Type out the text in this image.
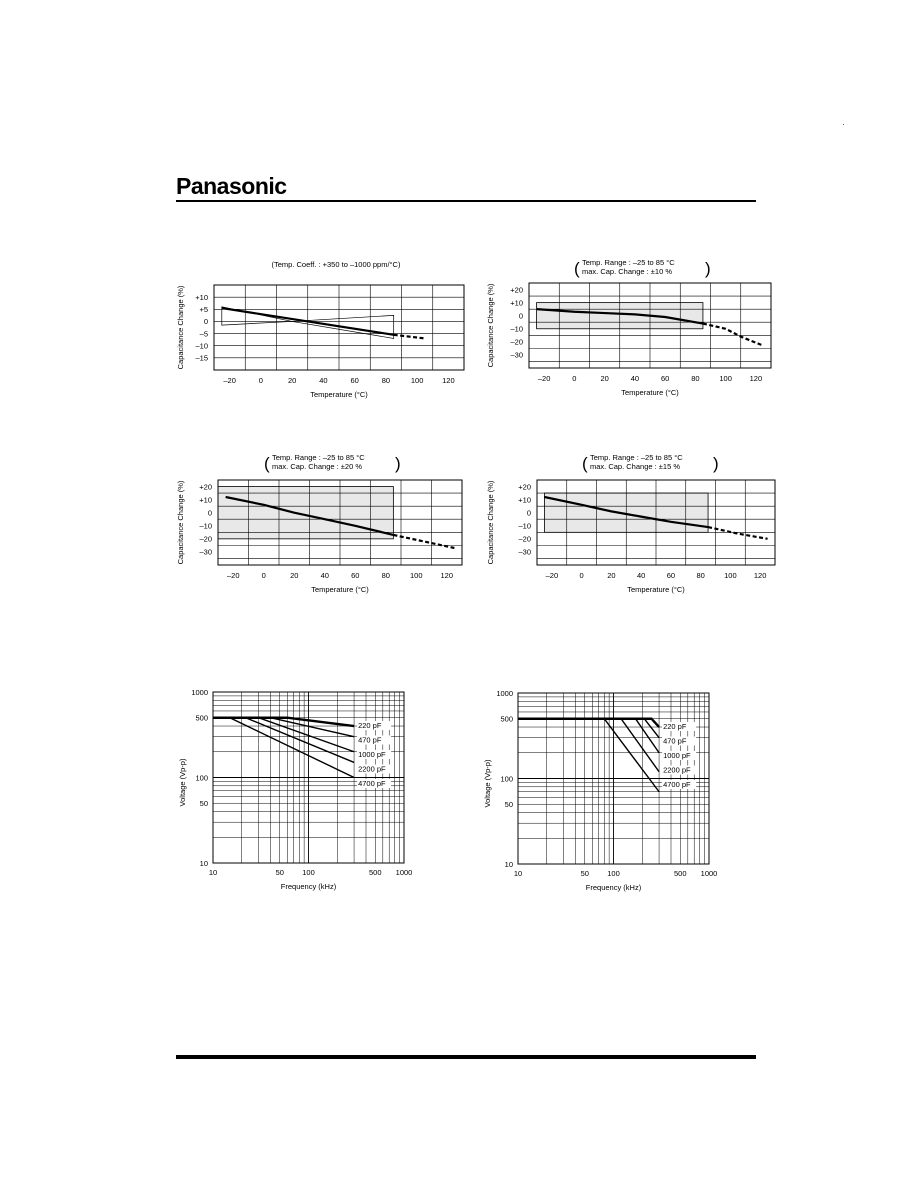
Panasonic
–20	0	20	40	60	80	100 120
+10
+5
0
–5
–10
–15
Temperature (°C)
Capacitance Change (%)
(Temp. Coeff. : +350 to –1000 ppm/°C)
–20	0	20	40	60	80	100 120
+20
+10
0
–10
–20
–30
Temperature (°C)
Capacitance Change (%)
( Temp. Range : –25 to 85 °C
max. Cap. Change : ±10 % )
–20	0	20	40	60	80	100 120
+20
+10
0
–10
–20
–30
Temperature (°C)
Capacitance Change (%)
( Temp. Range : –25 to 85 °C
max. Cap. Change : ±20 % )
–20	0	20	40	60	80	100 120
+20
+10
0
–10
–20
–30
Temperature (°C)
Capacitance Change (%)
( Temp. Range : –25 to 85 °C
max. Cap. Change : ±15 % )
220 pF
470 pF
1000 pF
2200 pF
4700 pF
10	50 100	500 1000
1000
500
100
50
10
Frequency (kHz)
Voltage (Vp-p)
220 pF
470 pF
1000 pF
2200 pF
4700 pF
10	50 100	500 1000
1000
500
100
50
10
Frequency (kHz)
Voltage (Vp-p)
